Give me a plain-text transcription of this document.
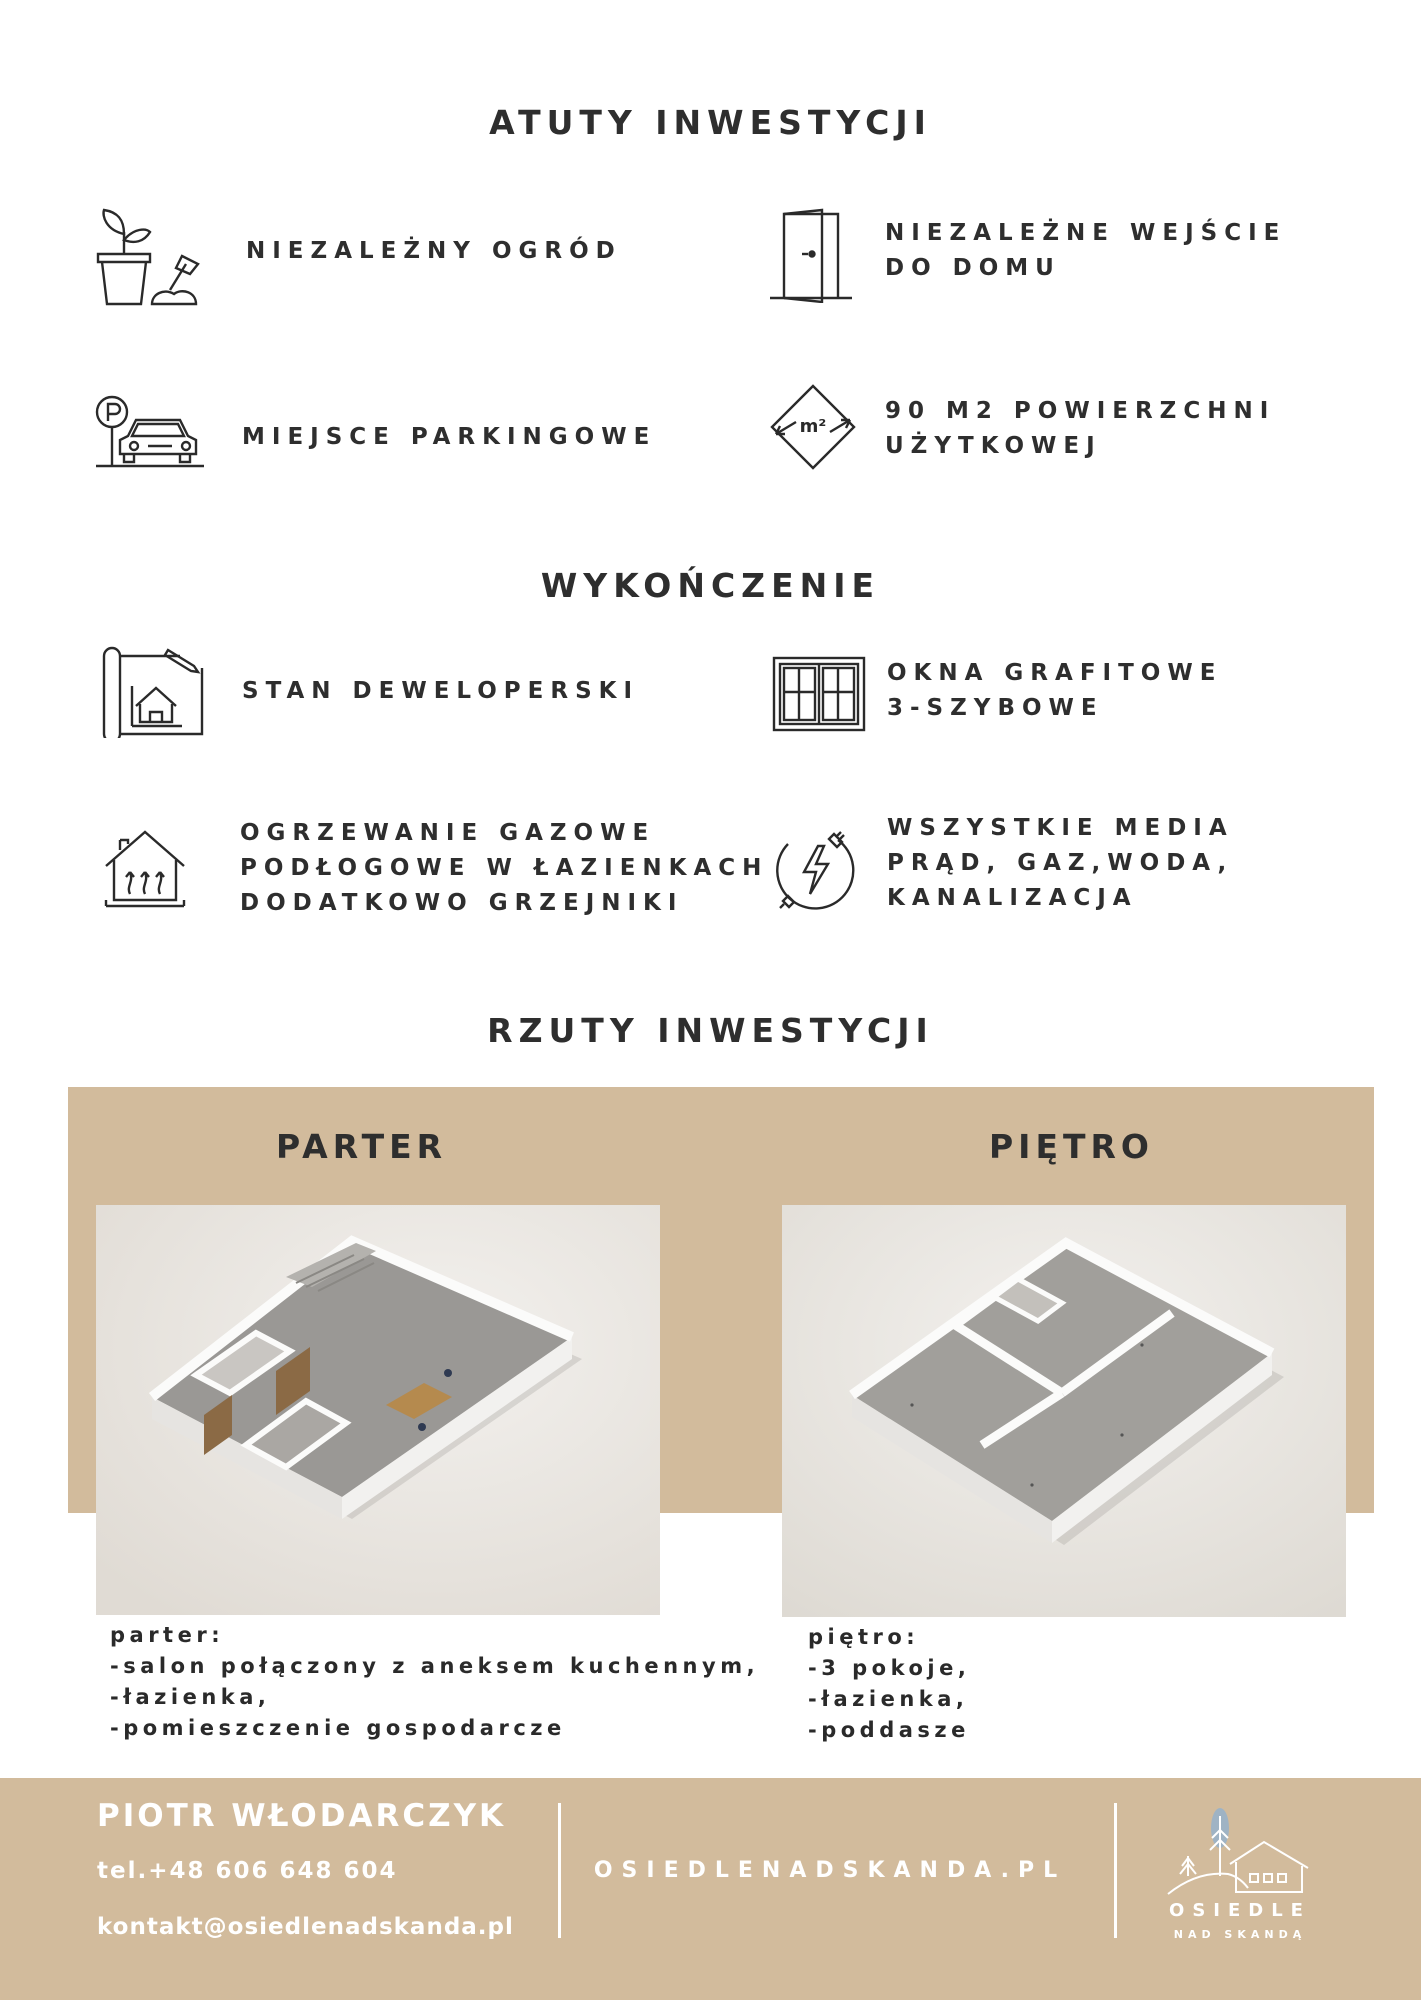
ATUTY INWESTYCJI
WYKOŃCZENIE
RZUTY INWESTYCJI
NIEZALEŻNY OGRÓD
NIEZALEŻNE WEJŚCIE
DO DOMU
MIEJSCE PARKINGOWE	m²
90 M2 POWIERZCHNI
UŻYTKOWEJ
STAN DEWELOPERSKI
OKNA GRAFITOWE
3-SZYBOWE
OGRZEWANIE GAZOWE
PODŁOGOWE W ŁAZIENKACH
DODATKOWO GRZEJNIKI
WSZYSTKIE MEDIA
PRĄD, GAZ,WODA,
KANALIZACJA
PARTER	PIĘTRO
parter:
-salon połączony z aneksem kuchennym,
-łazienka,
-pomieszczenie gospodarcze
piętro:
-3 pokoje,
-łazienka,
-poddasze
PIOTR WŁODARCZYK
tel.+48 606 648 604
kontakt@osiedlenadskanda.pl
OSIEDLENADSKANDA.PL
OSIEDLE
NAD SKANDĄ
